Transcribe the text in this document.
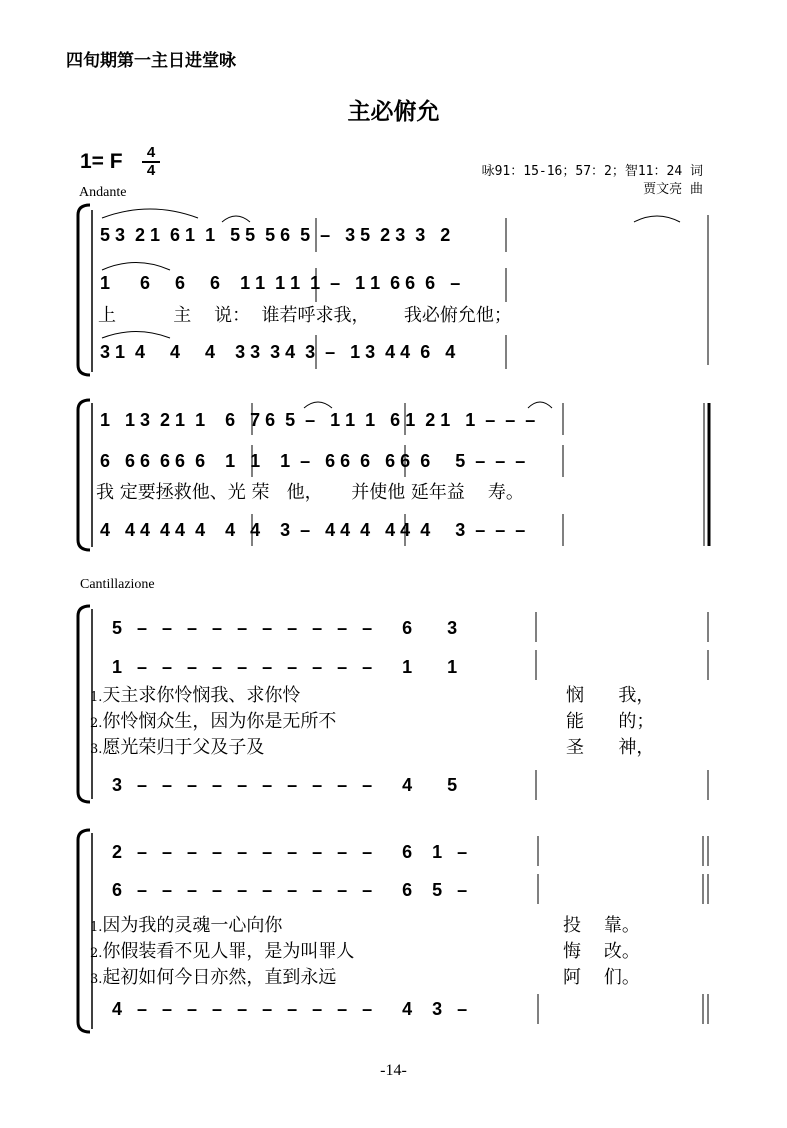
四旬期第一主日进堂咏
主必俯允
1= F	4
4	咏91：15-16；57：2；智11：24 词
贾文亮 曲
Andante
Cantillazione
5 3  2 1  6 1  1   5 5  5 6  5  –   3 5  2 3  3   2
1      6     6     6    1 1  1 1  1  –   1 1  6 6  6   –
上          主    说：  谁若呼求我，      我必俯允他；
3 1  4     4     4    3 3  3 4  3  –   1 3  4 4  6   4
1   1 3  2 1  1    6   7 6  5  –   1 1  1   6 1  2 1   1  –  –  –
6   6 6  6 6  6    1   1    1  –   6 6  6   6 6  6     5  –  –  –
我 定要拯救他、光 荣   他，     并使他 延年益    寿。
4   4 4  4 4  4    4   4    3  –   4 4  4   4 4  4     3  –  –  –
5   –   –   –   –   –   –   –   –   –   –      6       3
1   –   –   –   –   –   –   –   –   –   –      1       1
1.天主求你怜悯我、求你怜	悯      我，
2.你怜悯众生，因为你是无所不	能      的；
3.愿光荣归于父及子及	圣      神，
3   –   –   –   –   –   –   –   –   –   –      4       5
2   –   –   –   –   –   –   –   –   –   –      6    1   –
6   –   –   –   –   –   –   –   –   –   –      6    5   –
1.因为我的灵魂一心向你	投    靠。
2.你假装看不见人罪，是为叫罪人	悔    改。
3.起初如何今日亦然，直到永远	阿    们。
4   –   –   –   –   –   –   –   –   –   –      4    3   –
-14-
